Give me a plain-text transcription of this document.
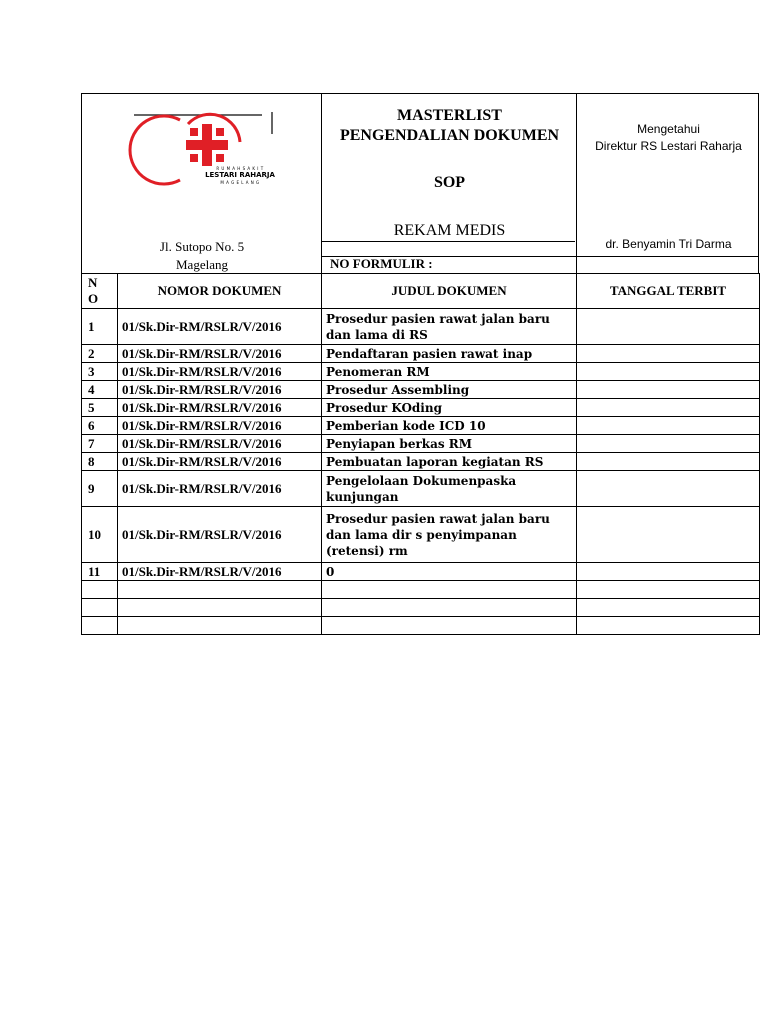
R U M A H S A K I T
LESTARI RAHARJA
M A G E L A N G
Jl. Sutopo No. 5
Magelang
MASTERLIST
PENGENDALIAN DOKUMEN
SOP
REKAM MEDIS
NO FORMULIR :
Mengetahui
Direktur RS Lestari Raharja
dr. Benyamin Tri Darma
N
O	NOMOR DOKUMEN	JUDUL DOKUMEN	TANGGAL TERBIT
1	01/Sk.Dir-RM/RSLR/V/2016	Prosedur pasien rawat jalan baru dan lama di RS	
2	01/Sk.Dir-RM/RSLR/V/2016	Pendaftaran pasien rawat inap	
3	01/Sk.Dir-RM/RSLR/V/2016	Penomeran RM	
4	01/Sk.Dir-RM/RSLR/V/2016	Prosedur Assembling	
5	01/Sk.Dir-RM/RSLR/V/2016	Prosedur KOding	
6	01/Sk.Dir-RM/RSLR/V/2016	Pemberian kode ICD 10	
7	01/Sk.Dir-RM/RSLR/V/2016	Penyiapan berkas RM	
8	01/Sk.Dir-RM/RSLR/V/2016	Pembuatan laporan kegiatan RS	
9	01/Sk.Dir-RM/RSLR/V/2016	Pengelolaan Dokumenpaska kunjungan	
10	01/Sk.Dir-RM/RSLR/V/2016	Prosedur pasien rawat jalan baru dan lama dir s penyimpanan (retensi) rm	
11	01/Sk.Dir-RM/RSLR/V/2016	0	
